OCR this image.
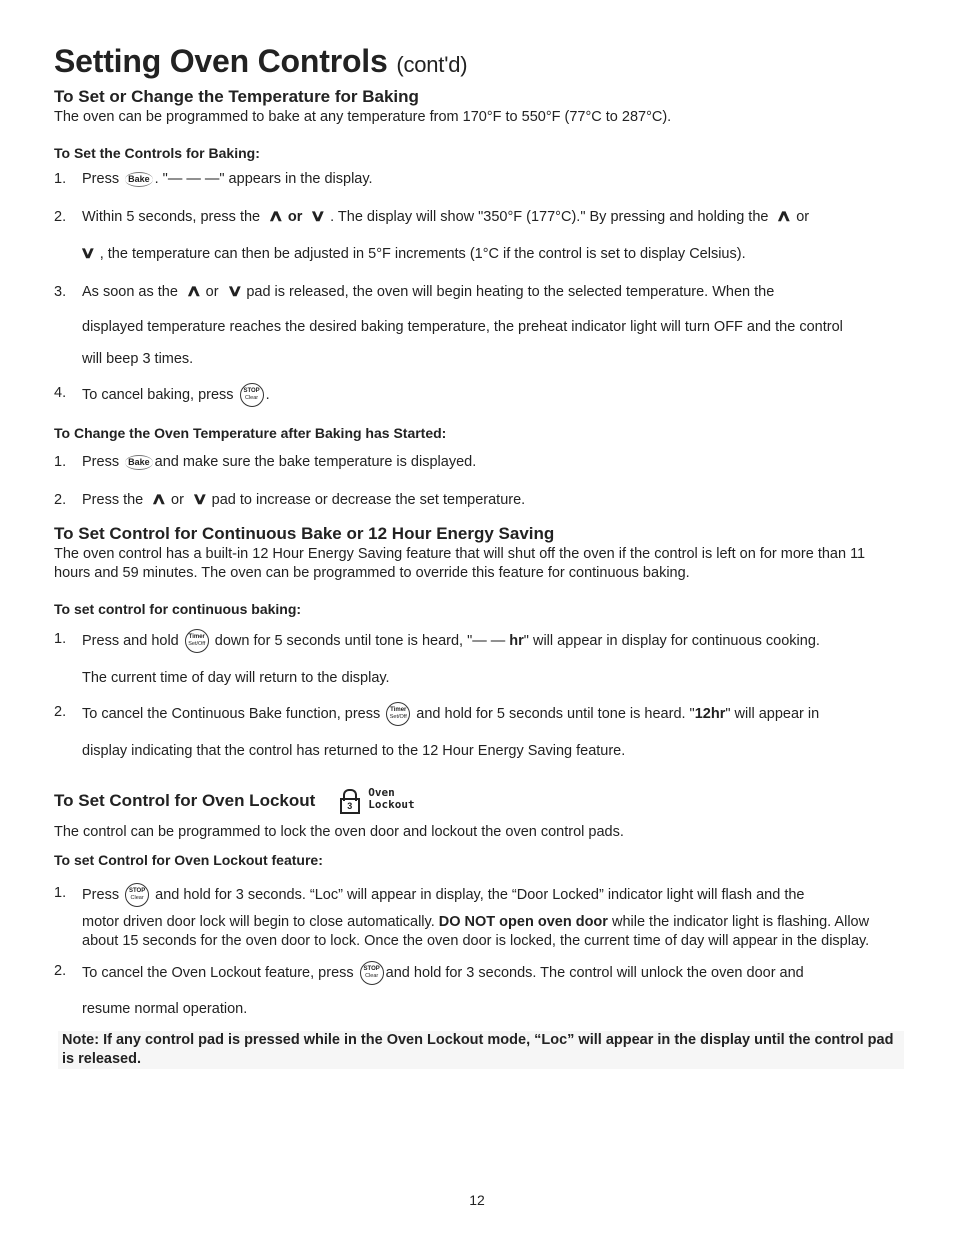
Setting Oven Controls (cont'd)
To Set or Change the Temperature for Baking

The oven can be programmed to bake at any temperature from 170°F to 550°F (77°C to 287°C).

To Set the Controls for Baking:
1. Press Bake . "— — —" appears in the display.
2. Within 5 seconds, press the ∧ or ∨ . The display will show "350°F (177°C)." By pressing and holding the ∧ or
∨ , the temperature can then be adjusted in 5°F increments (1°C if the control is set to display Celsius).
3. As soon as the ∧ or ∨ pad is released, the oven will begin heating to the selected temperature. When the
displayed temperature reaches the desired baking temperature, the preheat indicator light will turn OFF and the control
will beep 3 times.
4. To cancel baking, press STOP
Clear .
To Change the Oven Temperature after Baking has Started:
1. Press Bake and make sure the bake temperature is displayed.
2. Press the ∧ or ∨ pad to increase or decrease the set temperature.
To Set Control for Continuous Bake or 12 Hour Energy Saving

The oven control has a built-in 12 Hour Energy Saving feature that will shut off the oven if the control is left on for more than 11 hours and 59 minutes. The oven can be programmed to override this feature for continuous baking.

To set control for continuous baking:
1. Press and hold Timer
Set/Off down for 5 seconds until tone is heard, "— — hr" will appear in display for continuous cooking.
The current time of day will return to the display.
2. To cancel the Continuous Bake function, press Timer
Set/Off and hold for 5 seconds until tone is heard. "12hr" will appear in
display indicating that the control has returned to the 12 Hour Energy Saving feature.
To Set Control for Oven Lockout	3

Oven
Lockout

The control can be programmed to lock the oven door and lockout the oven control pads.

To set Control for Oven Lockout feature:
1. Press STOP
Clear and hold for 3 seconds. “Loc” will appear in display, the “Door Locked” indicator light will flash and the
motor driven door lock will begin to close automatically. DO NOT open oven door while the indicator light is flashing. Allow about 15 seconds for the oven door to lock. Once the oven door is locked, the current time of day will appear in the display.
2. To cancel the Oven Lockout feature, press STOP
Clear and hold for 3 seconds. The control will unlock the oven door and
resume normal operation.
Note: If any control pad is pressed while in the Oven Lockout mode, “Loc” will appear in the display until the control pad is released.
12
